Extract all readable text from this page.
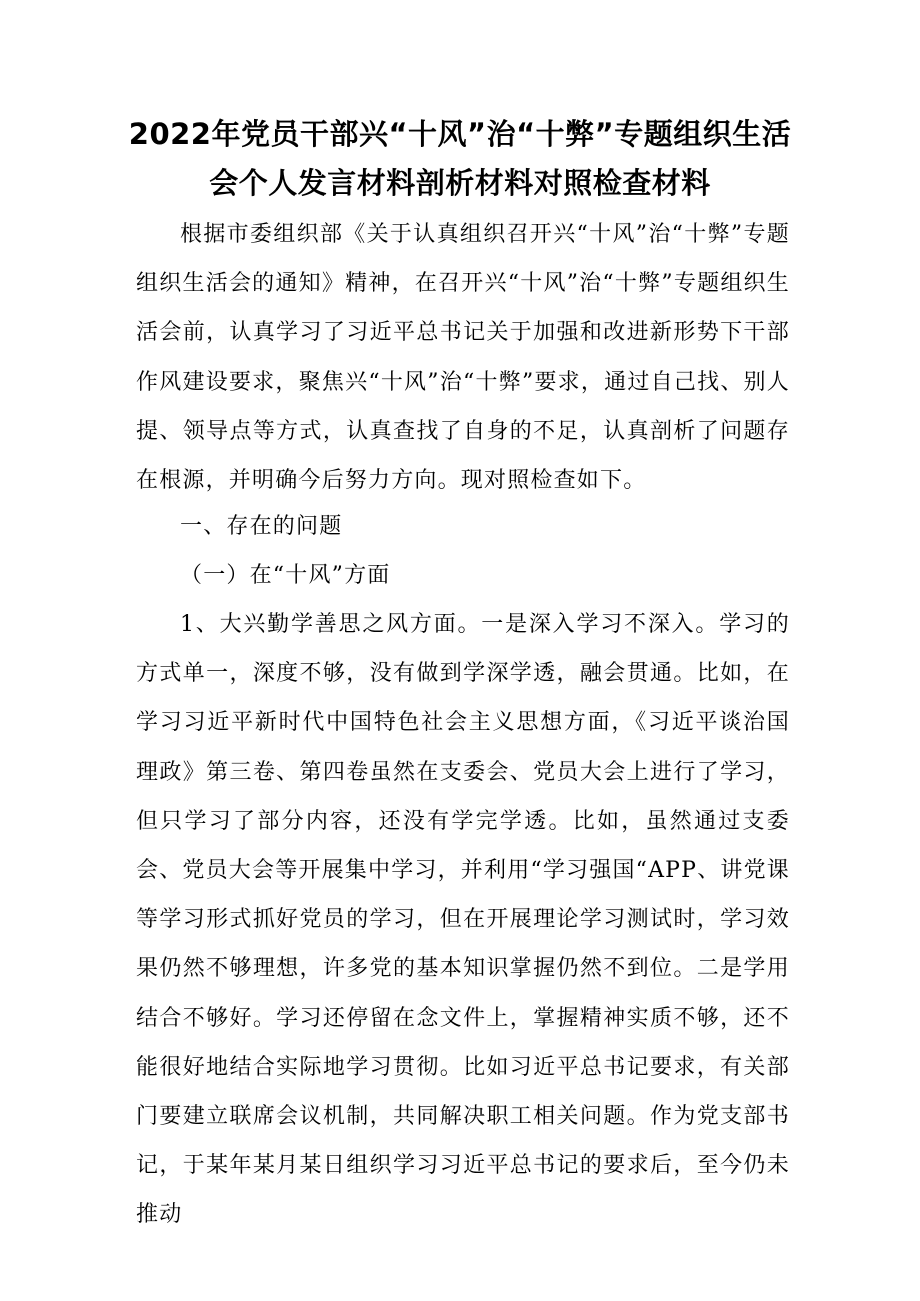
2022年党员干部兴“十风”治“十弊”专题组织生活
会个人发言材料剖析材料对照检查材料

根据市委组织部《关于认真组织召开兴“十风”治“十弊”专题组织生活会的通知》精神，在召开兴“十风”治“十弊”专题组织生活会前，认真学习了习近平总书记关于加强和改进新形势下干部作风建设要求，聚焦兴“十风”治“十弊”要求，通过自己找、别人提、领导点等方式，认真查找了自身的不足，认真剖析了问题存在根源，并明确今后努力方向。现对照检查如下。

一、存在的问题

（一）在“十风”方面

1、大兴勤学善思之风方面。一是深入学习不深入。学习的方式单一，深度不够，没有做到学深学透，融会贯通。比如，在学习习近平新时代中国特色社会主义思想方面，《习近平谈治国理政》第三卷、第四卷虽然在支委会、党员大会上进行了学习，但只学习了部分内容，还没有学完学透。比如，虽然通过支委会、党员大会等开展集中学习，并利用“学习强国“APP、讲党课等学习形式抓好党员的学习，但在开展理论学习测试时，学习效果仍然不够理想，许多党的基本知识掌握仍然不到位。二是学用结合不够好。学习还停留在念文件上，掌握精神实质不够，还不能很好地结合实际地学习贯彻。比如习近平总书记要求，有关部门要建立联席会议机制，共同解决职工相关问题。作为党支部书记，于某年某月某日组织学习习近平总书记的要求后，至今仍未推动
